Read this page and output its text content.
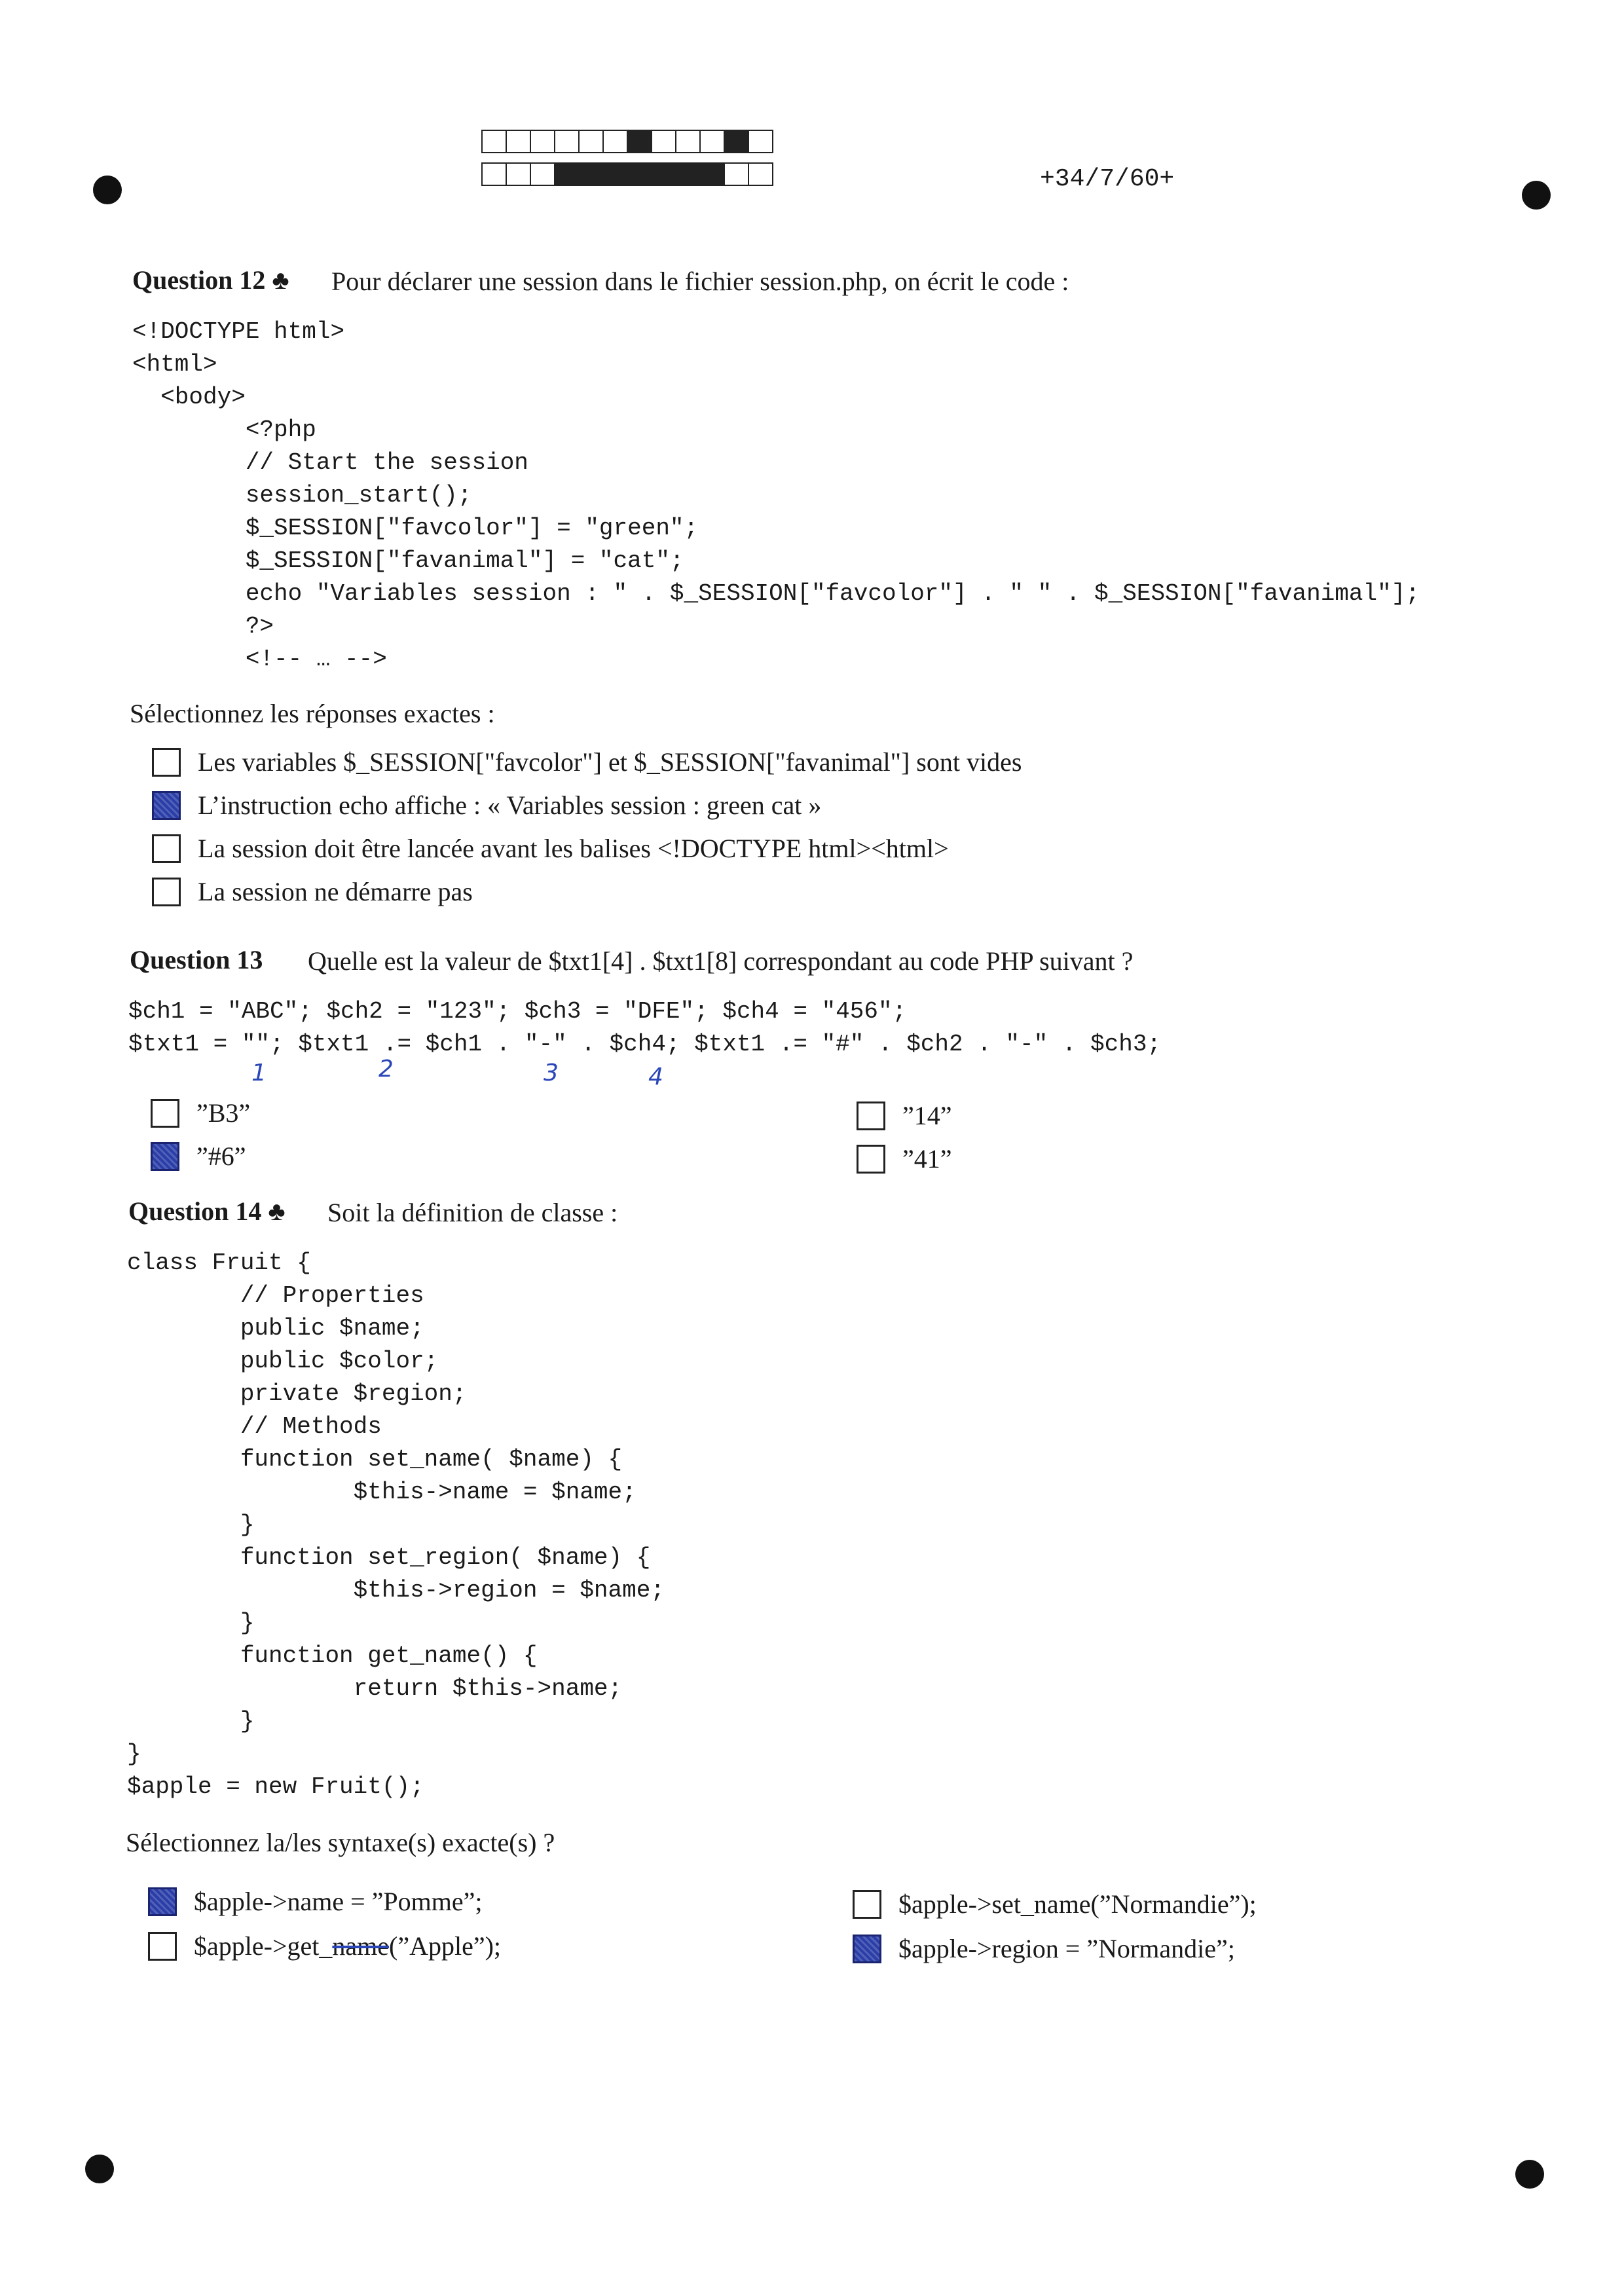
+34/7/60+
Question 12 ♣ Pour déclarer une session dans le fichier session.php, on écrit le code :
<!DOCTYPE html>
<html>
<body>
<?php
// Start the session
session_start();
$_SESSION["favcolor"] = "green";
$_SESSION["favanimal"] = "cat";
echo "Variables session : " . $_SESSION["favcolor"] . " " . $_SESSION["favanimal"];
?>
<!-- … -->
Sélectionnez les réponses exactes :
Les variables $_SESSION["favcolor"] et $_SESSION["favanimal"] sont vides
L’instruction echo affiche : « Variables session : green cat »
La session doit être lancée avant les balises <!DOCTYPE html><html>
La session ne démarre pas
Question 13 Quelle est la valeur de $txt1[4] . $txt1[8] correspondant au code PHP suivant ?
$ch1 = "ABC"; $ch2 = "123"; $ch3 = "DFE"; $ch4 = "456";
$txt1 = ""; $txt1 .= $ch1 . "-" . $ch4; $txt1 .= "#" . $ch2 . "-" . $ch3;
1	2	3	4
”B3”
”#6”
”14”
”41”
Question 14 ♣ Soit la définition de classe :
class Fruit {
// Properties
public $name;
public $color;
private $region;
// Methods
function set_name( $name) {
$this->name = $name;
}
function set_region( $name) {
$this->region = $name;
}
function get_name() {
return $this->name;
}
}
$apple = new Fruit();
Sélectionnez la/les syntaxe(s) exacte(s) ?
$apple->name = ”Pomme”;
$apple->get_name(”Apple”);
$apple->set_name(”Normandie”);
$apple->region = ”Normandie”;
